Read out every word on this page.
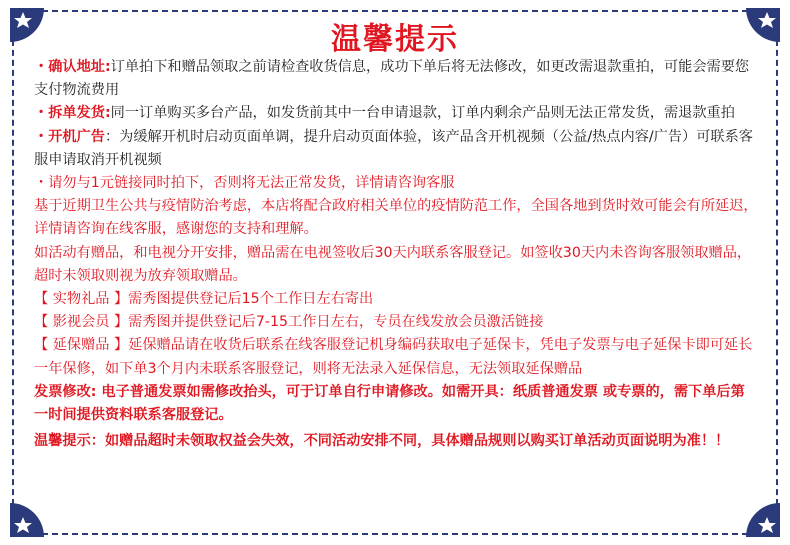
温馨提示

・确认地址:订单拍下和赠品领取之前请检查收货信息，成功下单后将无法修改，如更改需退款重拍，可能会需要您支付物流费用

・拆单发货:同一订单购买多台产品，如发货前其中一台申请退款，订单内剩余产品则无法正常发货，需退款重拍

・开机广告：为缓解开机时启动页面单调，提升启动页面体验，该产品含开机视频（公益/热点内容/广告）可联系客服申请取消开机视频

・请勿与1元链接同时拍下，否则将无法正常发货，详情请咨询客服

基于近期卫生公共与疫情防治考虑，本店将配合政府相关单位的疫情防范工作，全国各地到货时效可能会有所延迟，详情请咨询在线客服，感谢您的支持和理解。

如活动有赠品，和电视分开安排，赠品需在电视签收后30天内联系客服登记。如签收30天内未咨询客服领取赠品，超时未领取则视为放弃领取赠品。

【 实物礼品 】需秀图提供登记后15个工作日左右寄出

【 影视会员 】需秀图并提供登记后7-15工作日左右，专员在线发放会员激活链接

【 延保赠品 】延保赠品请在收货后联系在线客服登记机身编码获取电子延保卡，凭电子发票与电子延保卡即可延长一年保修，如下单3个月内未联系客服登记，则将无法录入延保信息，无法领取延保赠品

发票修改: 电子普通发票如需修改抬头，可于订单自行申请修改。如需开具：纸质普通发票 或专票的，需下单后第一时间提供资料联系客服登记。

温馨提示：如赠品超时未领取权益会失效，不同活动安排不同，具体赠品规则以购买订单活动页面说明为准！！
